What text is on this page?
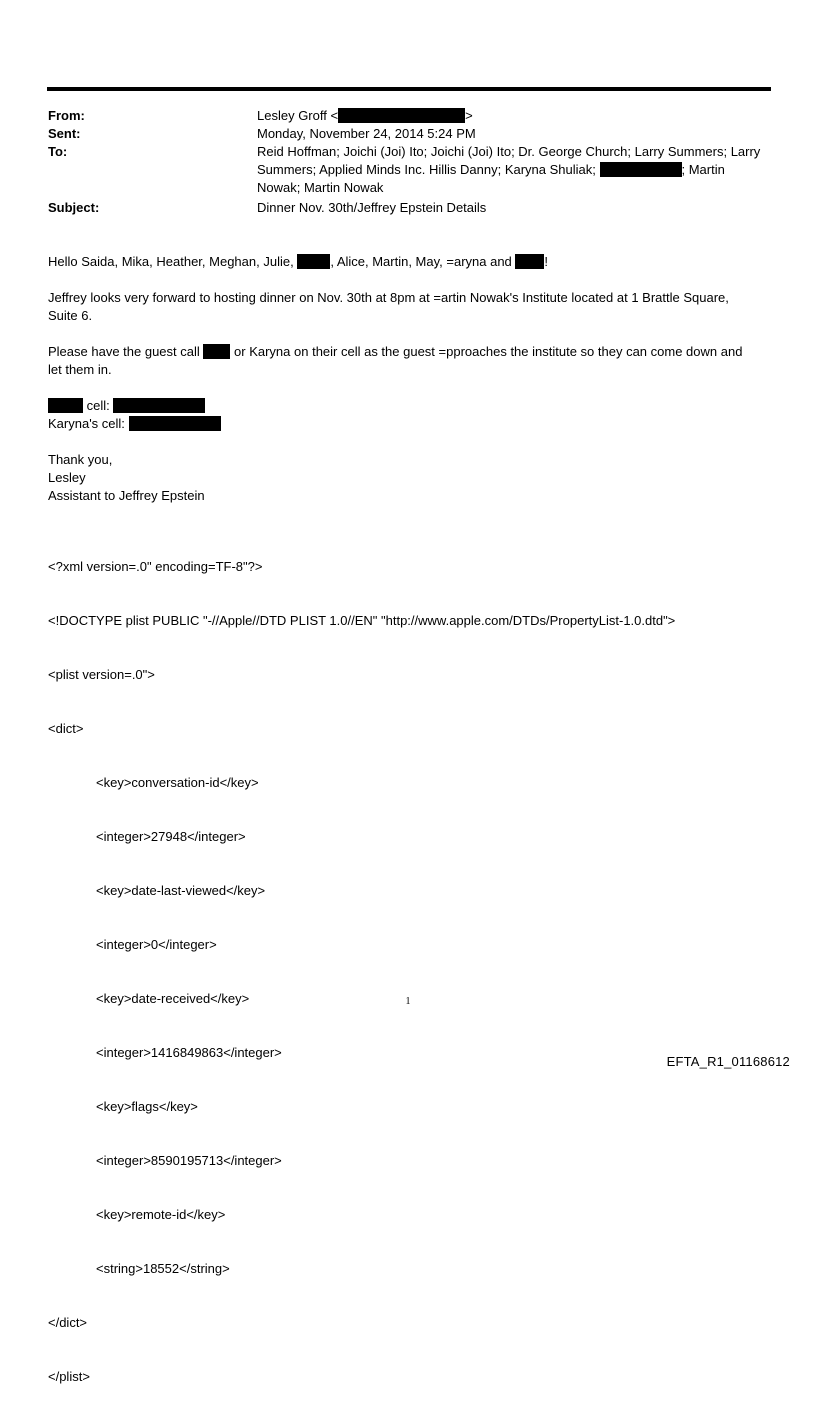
From:	Lesley Groff <	>
Sent:	Monday, November 24, 2014 5:24 PM
To:	Reid Hoffman; Joichi (Joi) Ito; Joichi (Joi) Ito; Dr. George Church; Larry Summers; Larry
Summers; Applied Minds Inc. Hillis Danny; Karyna Shuliak;	; Martin
Nowak; Martin Nowak
Subject:	Dinner Nov. 30th/Jeffrey Epstein Details
Hello Saida, Mika, Heather, Meghan, Julie,	, Alice, Martin, May, =aryna and	!
Jeffrey looks very forward to hosting dinner on Nov. 30th at 8pm at =artin Nowak's Institute located at 1 Brattle Square,
Suite 6.
Please have the guest call	or Karyna on their cell as the guest =pproaches the institute so they can come down and
let them in.
cell:
Karyna's cell:
Thank you,
Lesley
Assistant to Jeffrey Epstein

<?xml version=.0" encoding=TF-8"?>

<!DOCTYPE plist PUBLIC "-//Apple//DTD PLIST 1.0//EN" "http://www.apple.com/DTDs/PropertyList-1.0.dtd">

<plist version=.0">

<dict>

<key>conversation-id</key>

<integer>27948</integer>

<key>date-last-viewed</key>

<integer>0</integer>

<key>date-received</key>

<integer>1416849863</integer>

<key>flags</key>

<integer>8590195713</integer>

<key>remote-id</key>

<string>18552</string>

</dict>

</plist>

1
EFTA_R1_01168612
